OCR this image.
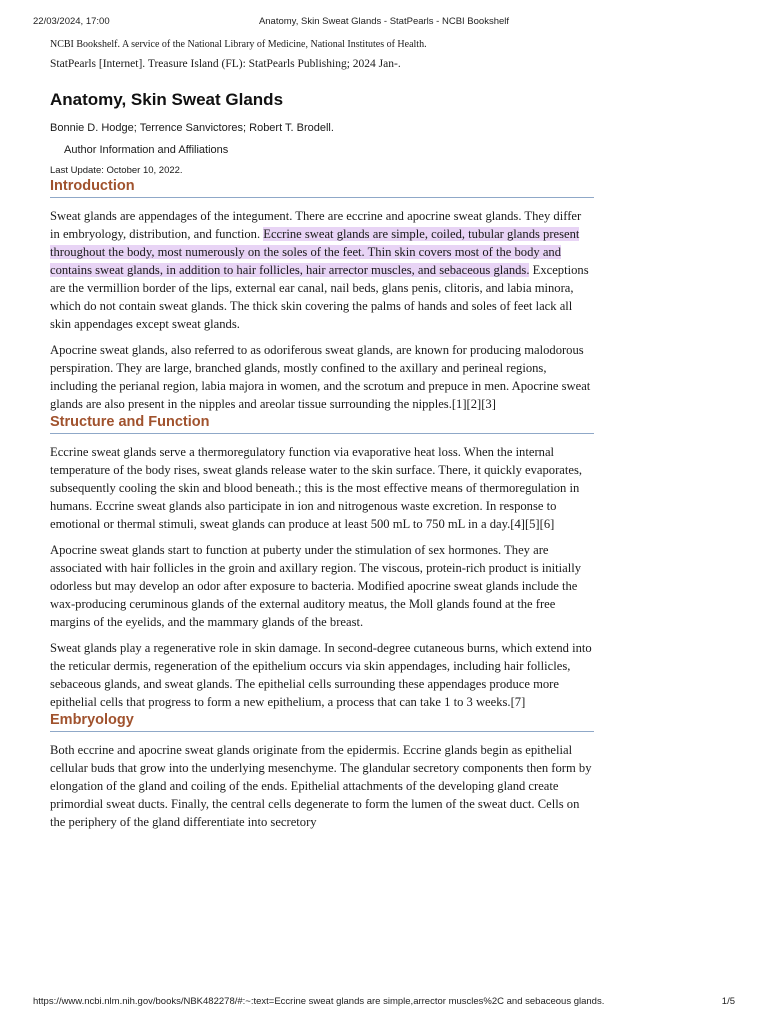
22/03/2024, 17:00	Anatomy, Skin Sweat Glands - StatPearls - NCBI Bookshelf

NCBI Bookshelf. A service of the National Library of Medicine, National Institutes of Health.

StatPearls [Internet]. Treasure Island (FL): StatPearls Publishing; 2024 Jan-.

Anatomy, Skin Sweat Glands

Bonnie D. Hodge; Terrence Sanvictores; Robert T. Brodell.

Author Information and Affiliations

Last Update: October 10, 2022.

Introduction

Sweat glands are appendages of the integument. There are eccrine and apocrine sweat glands. They differ in embryology, distribution, and function. Eccrine sweat glands are simple, coiled, tubular glands present throughout the body, most numerously on the soles of the feet. Thin skin covers most of the body and contains sweat glands, in addition to hair follicles, hair arrector muscles, and sebaceous glands. Exceptions are the vermillion border of the lips, external ear canal, nail beds, glans penis, clitoris, and labia minora, which do not contain sweat glands. The thick skin covering the palms of hands and soles of feet lack all skin appendages except sweat glands.

Apocrine sweat glands, also referred to as odoriferous sweat glands, are known for producing malodorous perspiration. They are large, branched glands, mostly confined to the axillary and perineal regions, including the perianal region, labia majora in women, and the scrotum and prepuce in men. Apocrine sweat glands are also present in the nipples and areolar tissue surrounding the nipples.[1][2][3]

Structure and Function

Eccrine sweat glands serve a thermoregulatory function via evaporative heat loss. When the internal temperature of the body rises, sweat glands release water to the skin surface. There, it quickly evaporates, subsequently cooling the skin and blood beneath.; this is the most effective means of thermoregulation in humans. Eccrine sweat glands also participate in ion and nitrogenous waste excretion. In response to emotional or thermal stimuli, sweat glands can produce at least 500 mL to 750 mL in a day.[4][5][6]

Apocrine sweat glands start to function at puberty under the stimulation of sex hormones. They are associated with hair follicles in the groin and axillary region. The viscous, protein-rich product is initially odorless but may develop an odor after exposure to bacteria. Modified apocrine sweat glands include the wax-producing ceruminous glands of the external auditory meatus, the Moll glands found at the free margins of the eyelids, and the mammary glands of the breast.

Sweat glands play a regenerative role in skin damage. In second-degree cutaneous burns, which extend into the reticular dermis, regeneration of the epithelium occurs via skin appendages, including hair follicles, sebaceous glands, and sweat glands. The epithelial cells surrounding these appendages produce more epithelial cells that progress to form a new epithelium, a process that can take 1 to 3 weeks.[7]

Embryology

Both eccrine and apocrine sweat glands originate from the epidermis. Eccrine glands begin as epithelial cellular buds that grow into the underlying mesenchyme. The glandular secretory components then form by elongation of the gland and coiling of the ends. Epithelial attachments of the developing gland create primordial sweat ducts. Finally, the central cells degenerate to form the lumen of the sweat duct. Cells on the periphery of the gland differentiate into secretory

https://www.ncbi.nlm.nih.gov/books/NBK482278/#:~:text=Eccrine sweat glands are simple,arrector muscles%2C and sebaceous glands.	1/5
